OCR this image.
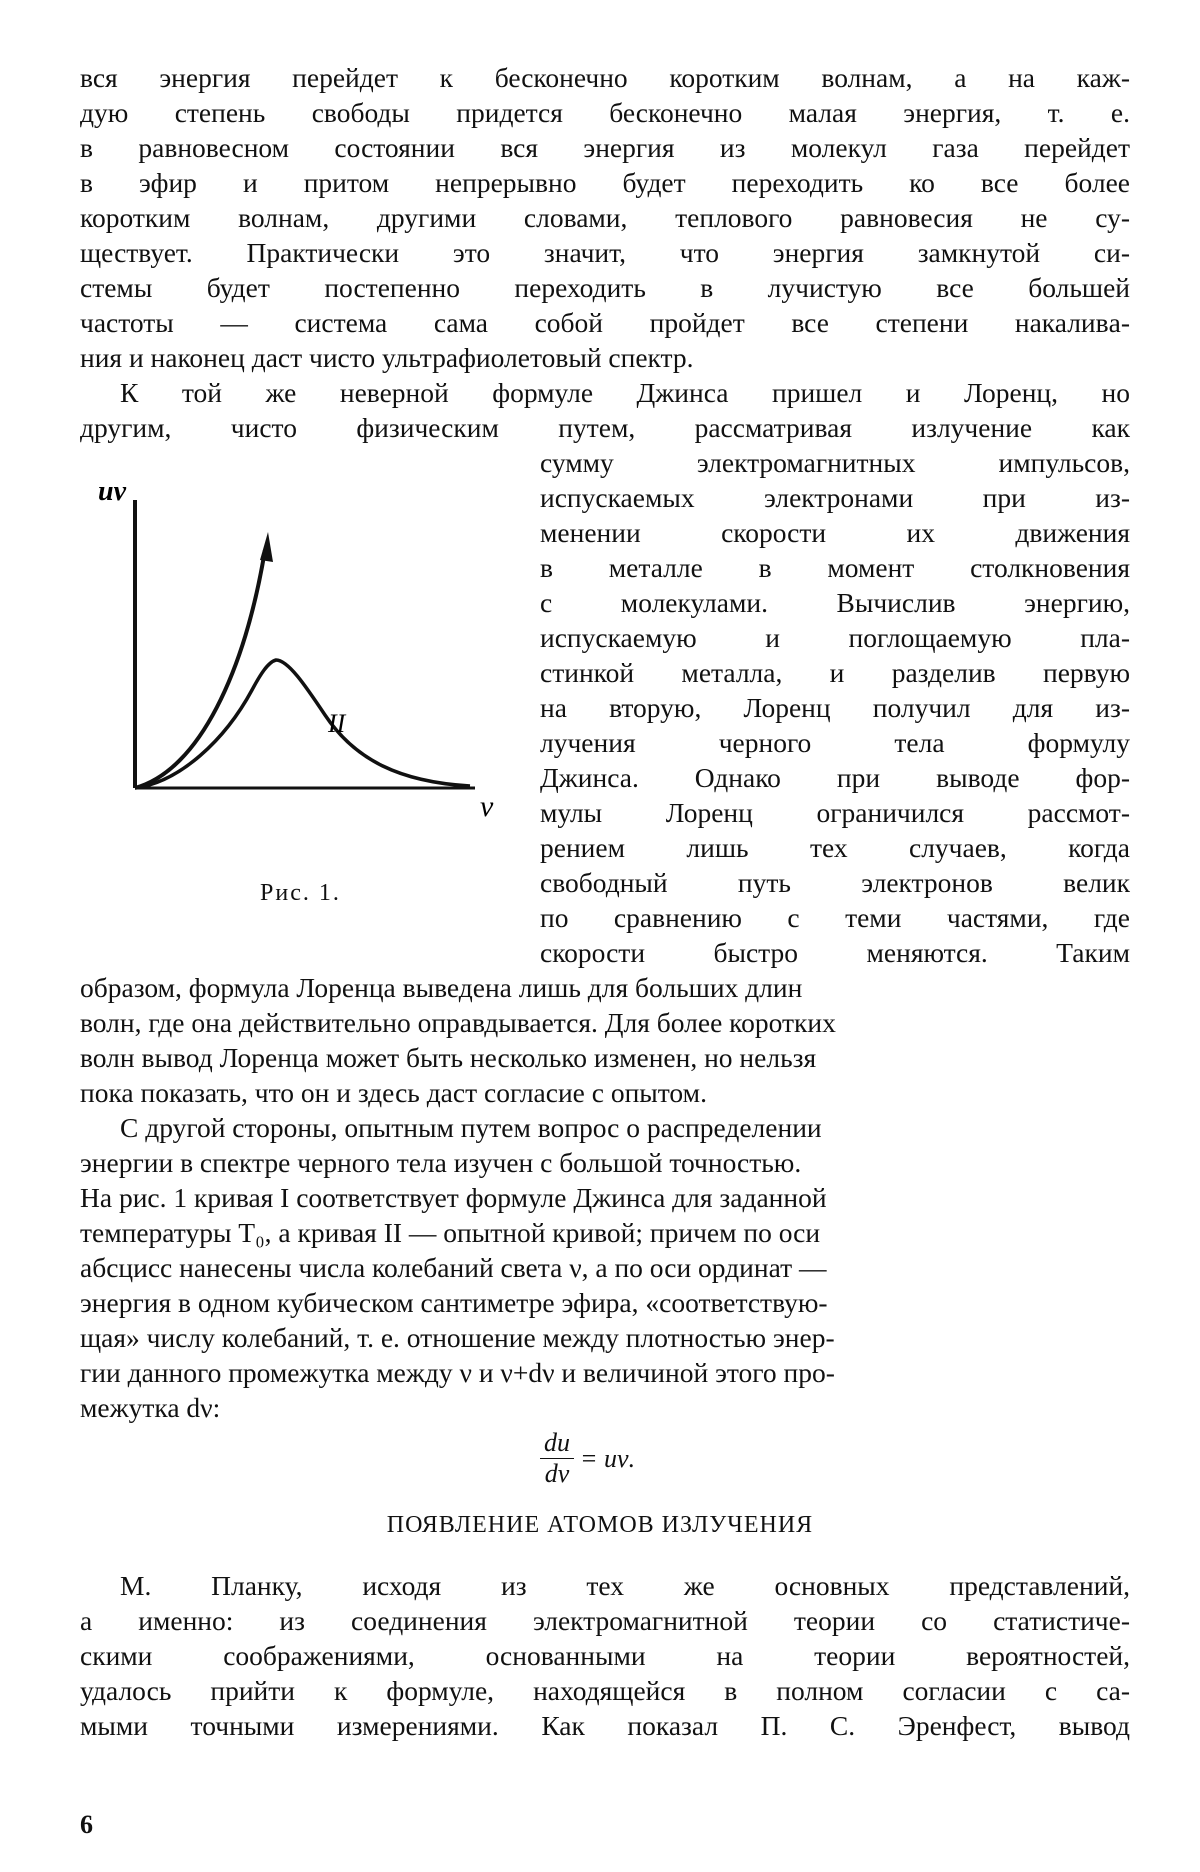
вся энергия перейдет к бесконечно коротким волнам, а на каж-
дую степень свободы придется бесконечно малая энергия, т. е.
в равновесном состоянии вся энергия из молекул газа перейдет
в эфир и притом непрерывно будет переходить ко все более
коротким волнам, другими словами, теплового равновесия не су-
ществует. Практически это значит, что энергия замкнутой си-
стемы будет постепенно переходить в лучистую все большей
частоты — система сама собой пройдет все степени накаливa-
ния и наконец даст чисто ультрафиолетовый спектр.
К той же неверной формуле Джинса пришел и Лоренц, но
другим, чисто физическим путем, рассматривая излучение как
uν
ν
II
Рис. 1.
сумму электромагнитных импульсов,
испускаемых электронами при из-
менении скорости их движения
в металле в момент столкновения
с молекулами. Вычислив энергию,
испускаемую и поглощаемую пла-
стинкой металла, и разделив первую
на вторую, Лоренц получил для из-
лучения черного тела формулу
Джинса. Однако при выводе фор-
мулы Лоренц ограничился рассмот-
рением лишь тех случаев, когда
свободный путь электронов велик
по сравнению с теми частями, где
скорости быстро меняются. Таким
образом, формула Лоренца выведена лишь для больших длин
волн, где она действительно оправдывается. Для более коротких
волн вывод Лоренца может быть несколько изменен, но нельзя
пока показать, что он и здесь даст согласие с опытом.
С другой стороны, опытным путем вопрос о распределении
энергии в спектре черного тела изучен с большой точностью.
На рис. 1 кривая I соответствует формуле Джинса для заданной
температуры T₀, а кривая II — опытной кривой; причем по оси
абсцисс нанесены числа колебаний света ν, а по оси ординат —
энергия в одном кубическом сантиметре эфира, «соответствую-
щая» числу колебаний, т. е. отношение между плотностью энер-
гии данного промежутка между ν и ν+dν и величиной этого про-
межутка dν:
$\frac{du}{d\nu} = u\nu$.
ПОЯВЛЕНИЕ АТОМОВ ИЗЛУЧЕНИЯ
М. Планку, исходя из тех же основных представлений,
а именно: из соединения электромагнитной теории со статистиче-
скими соображениями, основанными на теории вероятностей,
удалось прийти к формуле, находящейся в полном согласии с са-
мыми точными измерениями. Как показал П. С. Эренфест, вывод
6
